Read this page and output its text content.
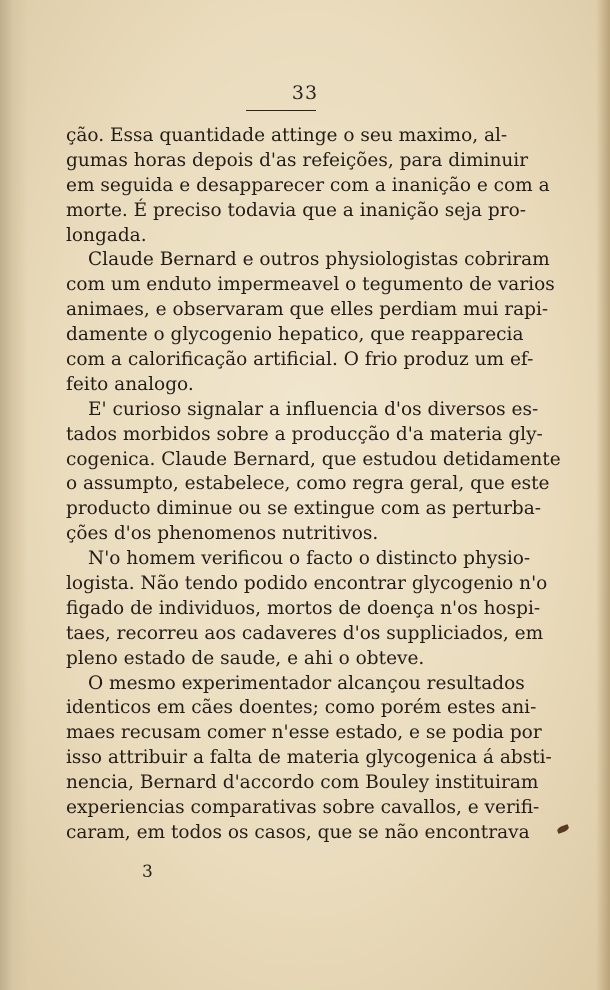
33
ção. Essa quantidade attinge o seu maximo, al-
gumas horas depois d'as refeições, para diminuir
em seguida e desapparecer com a inanição e com a
morte. É preciso todavia que a inanição seja pro-
longada.
Claude Bernard e outros physiologistas cobriram
com um enduto impermeavel o tegumento de varios
animaes, e observaram que elles perdiam mui rapi-
damente o glycogenio hepatico, que reapparecia
com a calorificação artificial. O frio produz um ef-
feito analogo.
E' curioso signalar a influencia d'os diversos es-
tados morbidos sobre a producção d'a materia gly-
cogenica. Claude Bernard, que estudou detidamente
o assumpto, estabelece, como regra geral, que este
producto diminue ou se extingue com as perturba-
ções d'os phenomenos nutritivos.
N'o homem verificou o facto o distincto physio-
logista. Não tendo podido encontrar glycogenio n'o
figado de individuos, mortos de doença n'os hospi-
taes, recorreu aos cadaveres d'os suppliciados, em
pleno estado de saude, e ahi o obteve.
O mesmo experimentador alcançou resultados
identicos em cães doentes; como porém estes ani-
maes recusam comer n'esse estado, e se podia por
isso attribuir a falta de materia glycogenica á absti-
nencia, Bernard d'accordo com Bouley instituiram
experiencias comparativas sobre cavallos, e verifi-
caram, em todos os casos, que se não encontrava
3
